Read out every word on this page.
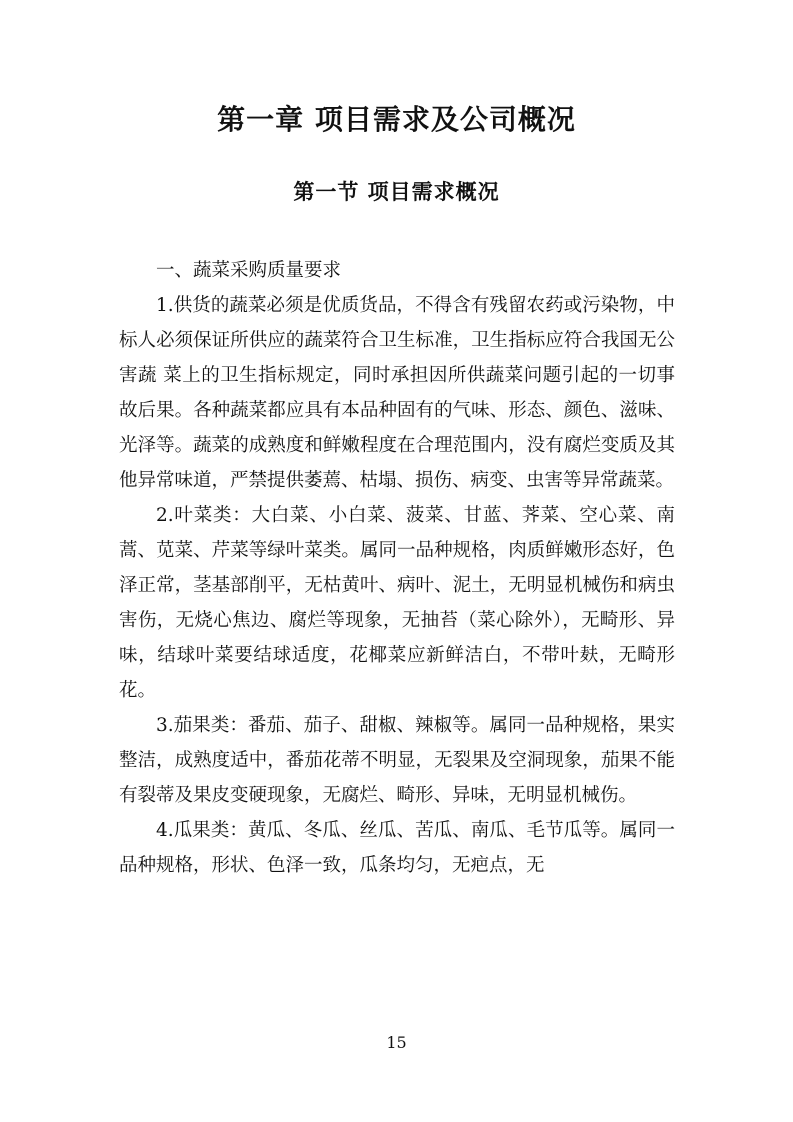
第一章 项目需求及公司概况
第一节 项目需求概况

一、蔬菜采购质量要求

1.供货的蔬菜必须是优质货品，不得含有残留农药或污染物，中标人必须保证所供应的蔬菜符合卫生标准，卫生指标应符合我国无公害蔬 菜上的卫生指标规定，同时承担因所供蔬菜问题引起的一切事故后果。各种蔬菜都应具有本品种固有的气味、形态、颜色、滋味、光泽等。蔬菜的成熟度和鲜嫩程度在合理范围内，没有腐烂变质及其他异常味道，严禁提供萎蔫、枯塌、损伤、病变、虫害等异常蔬菜。

2.叶菜类：大白菜、小白菜、菠菜、甘蓝、荠菜、空心菜、南蒿、苋菜、芹菜等绿叶菜类。属同一品种规格，肉质鲜嫩形态好，色泽正常，茎基部削平，无枯黄叶、病叶、泥土，无明显机械伤和病虫害伤，无烧心焦边、腐烂等现象，无抽苔（菜心除外），无畸形、异味，结球叶菜要结球适度，花椰菜应新鲜洁白，不带叶麸，无畸形花。

3.茄果类：番茄、茄子、甜椒、辣椒等。属同一品种规格，果实整洁，成熟度适中，番茄花蒂不明显，无裂果及空洞现象，茄果不能有裂蒂及果皮变硬现象，无腐烂、畸形、异味，无明显机械伤。

4.瓜果类：黄瓜、冬瓜、丝瓜、苦瓜、南瓜、毛节瓜等。属同一品种规格，形状、色泽一致，瓜条均匀，无疤点，无

15
